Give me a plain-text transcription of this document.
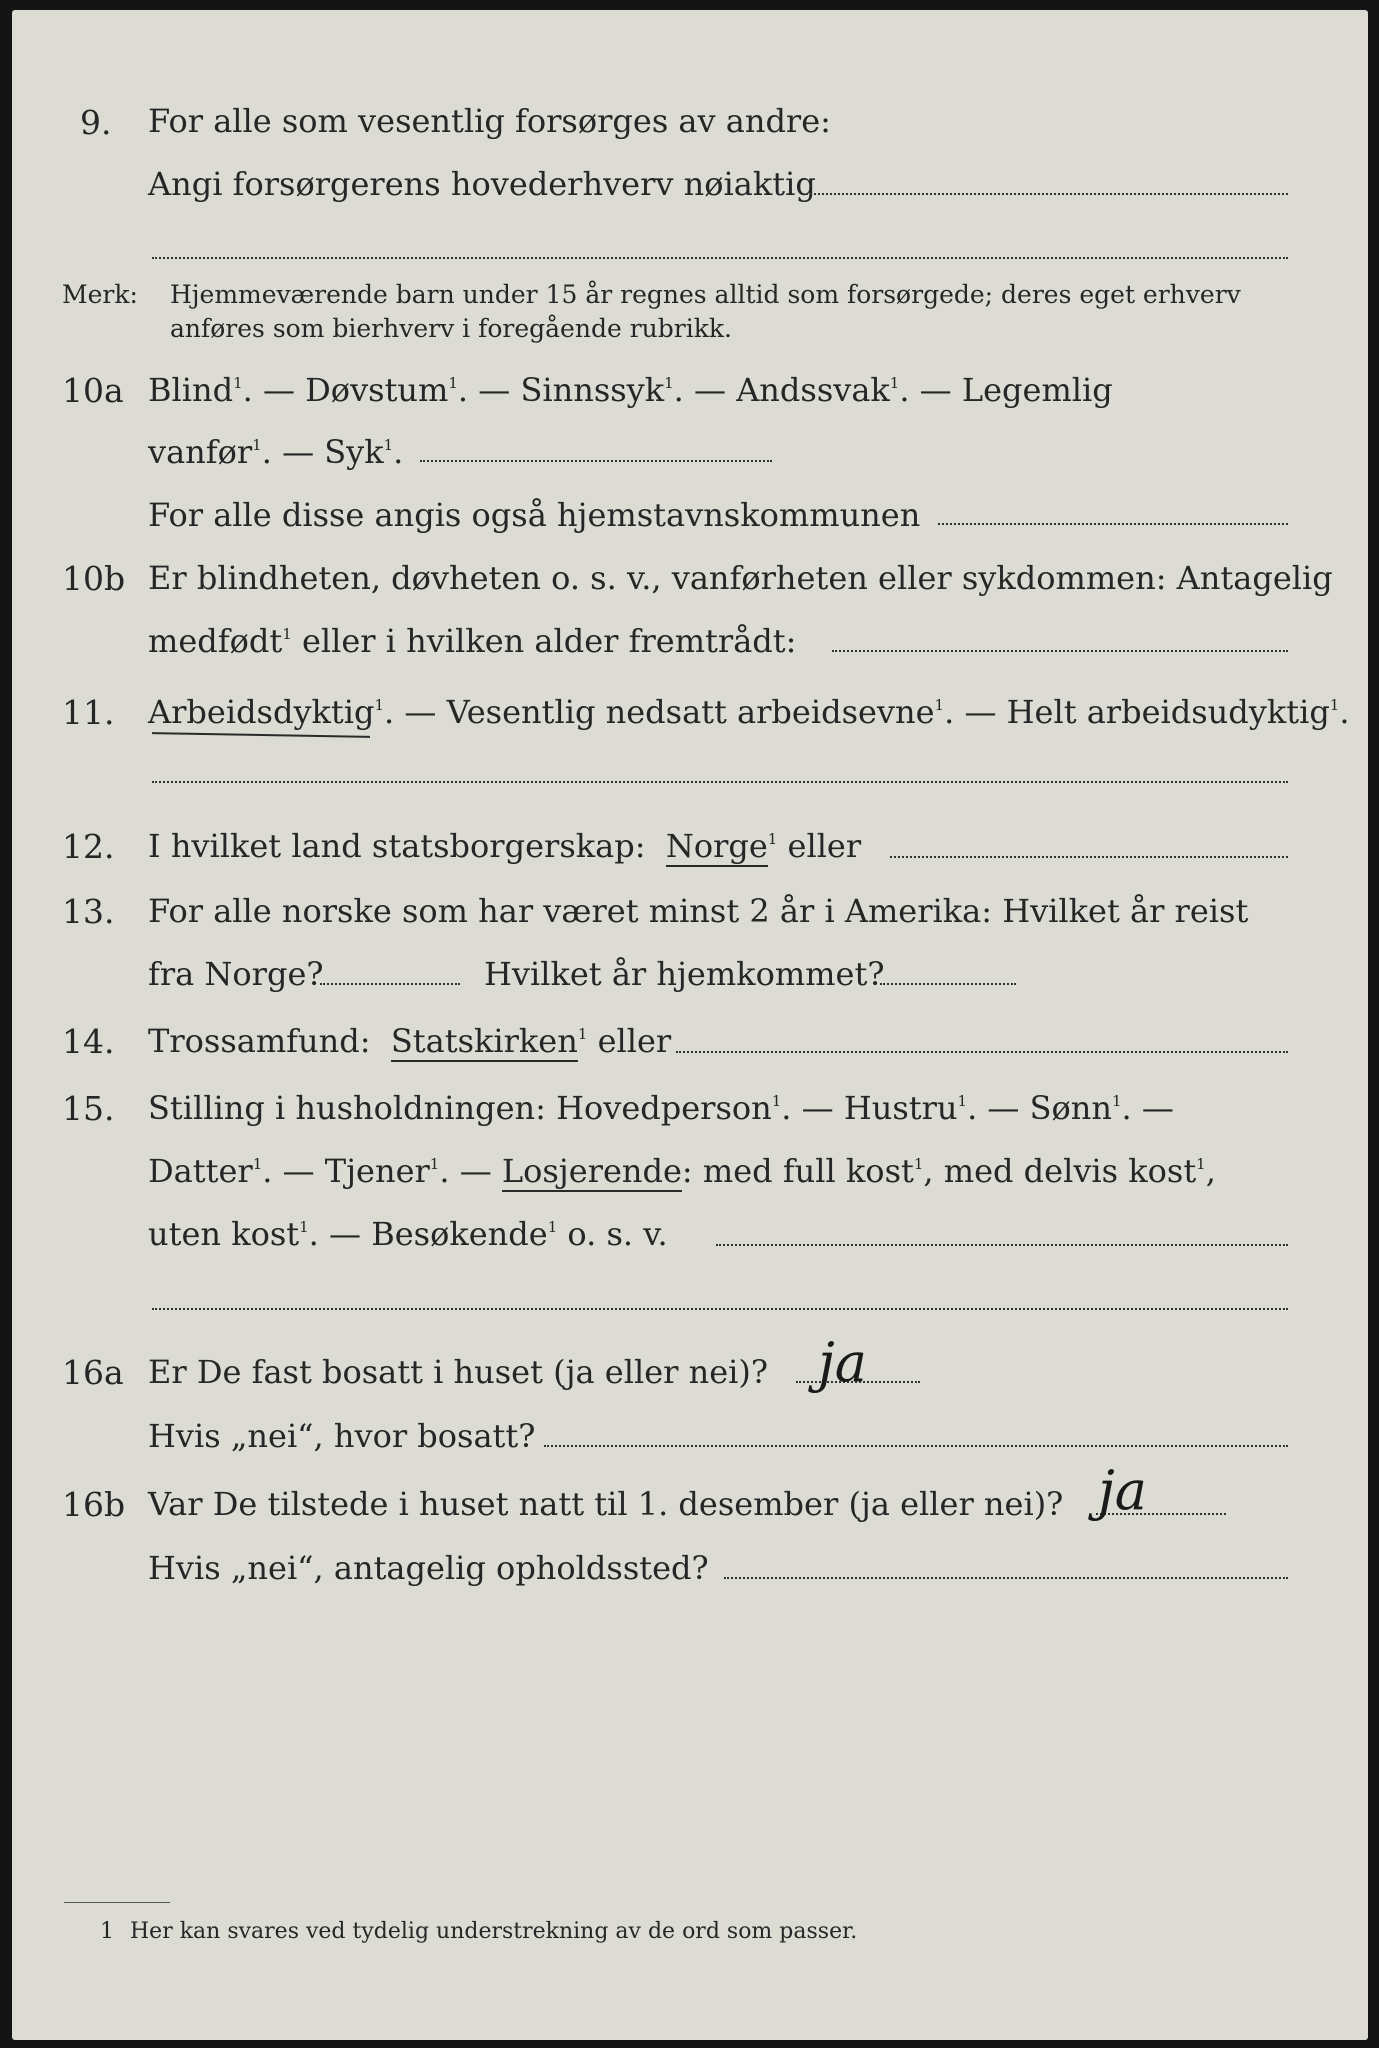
9. For alle som vesentlig forsørges av andre:
Angi forsørgerens hovederhverv nøiaktig
Merk: Hjemmeværende barn under 15 år regnes alltid som forsørgede; deres eget erhverv
anføres som bierhverv i foregående rubrikk.
10a Blind$^1$. — Døvstum$^1$. — Sinnssyk$^1$. — Andssvak$^1$. — Legemlig
vanfør$^1$. — Syk$^1$.
For alle disse angis også hjemstavnskommunen
10b Er blindheten, døvheten o. s. v., vanførheten eller sykdommen: Antagelig
medfødt$^1$ eller i hvilken alder fremtrådt:
11. Arbeidsdyktig$^1$. — Vesentlig nedsatt arbeidsevne$^1$. — Helt arbeidsudyktig$^1$.
12. I hvilket land statsborgerskap: Norge$^1$ eller
13. For alle norske som har været minst 2 år i Amerika: Hvilket år reist
fra Norge?	Hvilket år hjemkommet?
14. Trossamfund: Statskirken$^1$ eller
15. Stilling i husholdningen: Hovedperson$^1$. — Hustru$^1$. — Sønn$^1$. —
Datter$^1$. — Tjener$^1$. — Losjerende: med full kost$^1$, med delvis kost$^1$,
uten kost$^1$. — Besøkende$^1$ o. s. v.
16a Er De fast bosatt i huset (ja eller nei)? ja
Hvis „nei“, hvor bosatt?
16b Var De tilstede i huset natt til 1. desember (ja eller nei)? ja
Hvis „nei“, antagelig opholdssted?
1 Her kan svares ved tydelig understrekning av de ord som passer.
